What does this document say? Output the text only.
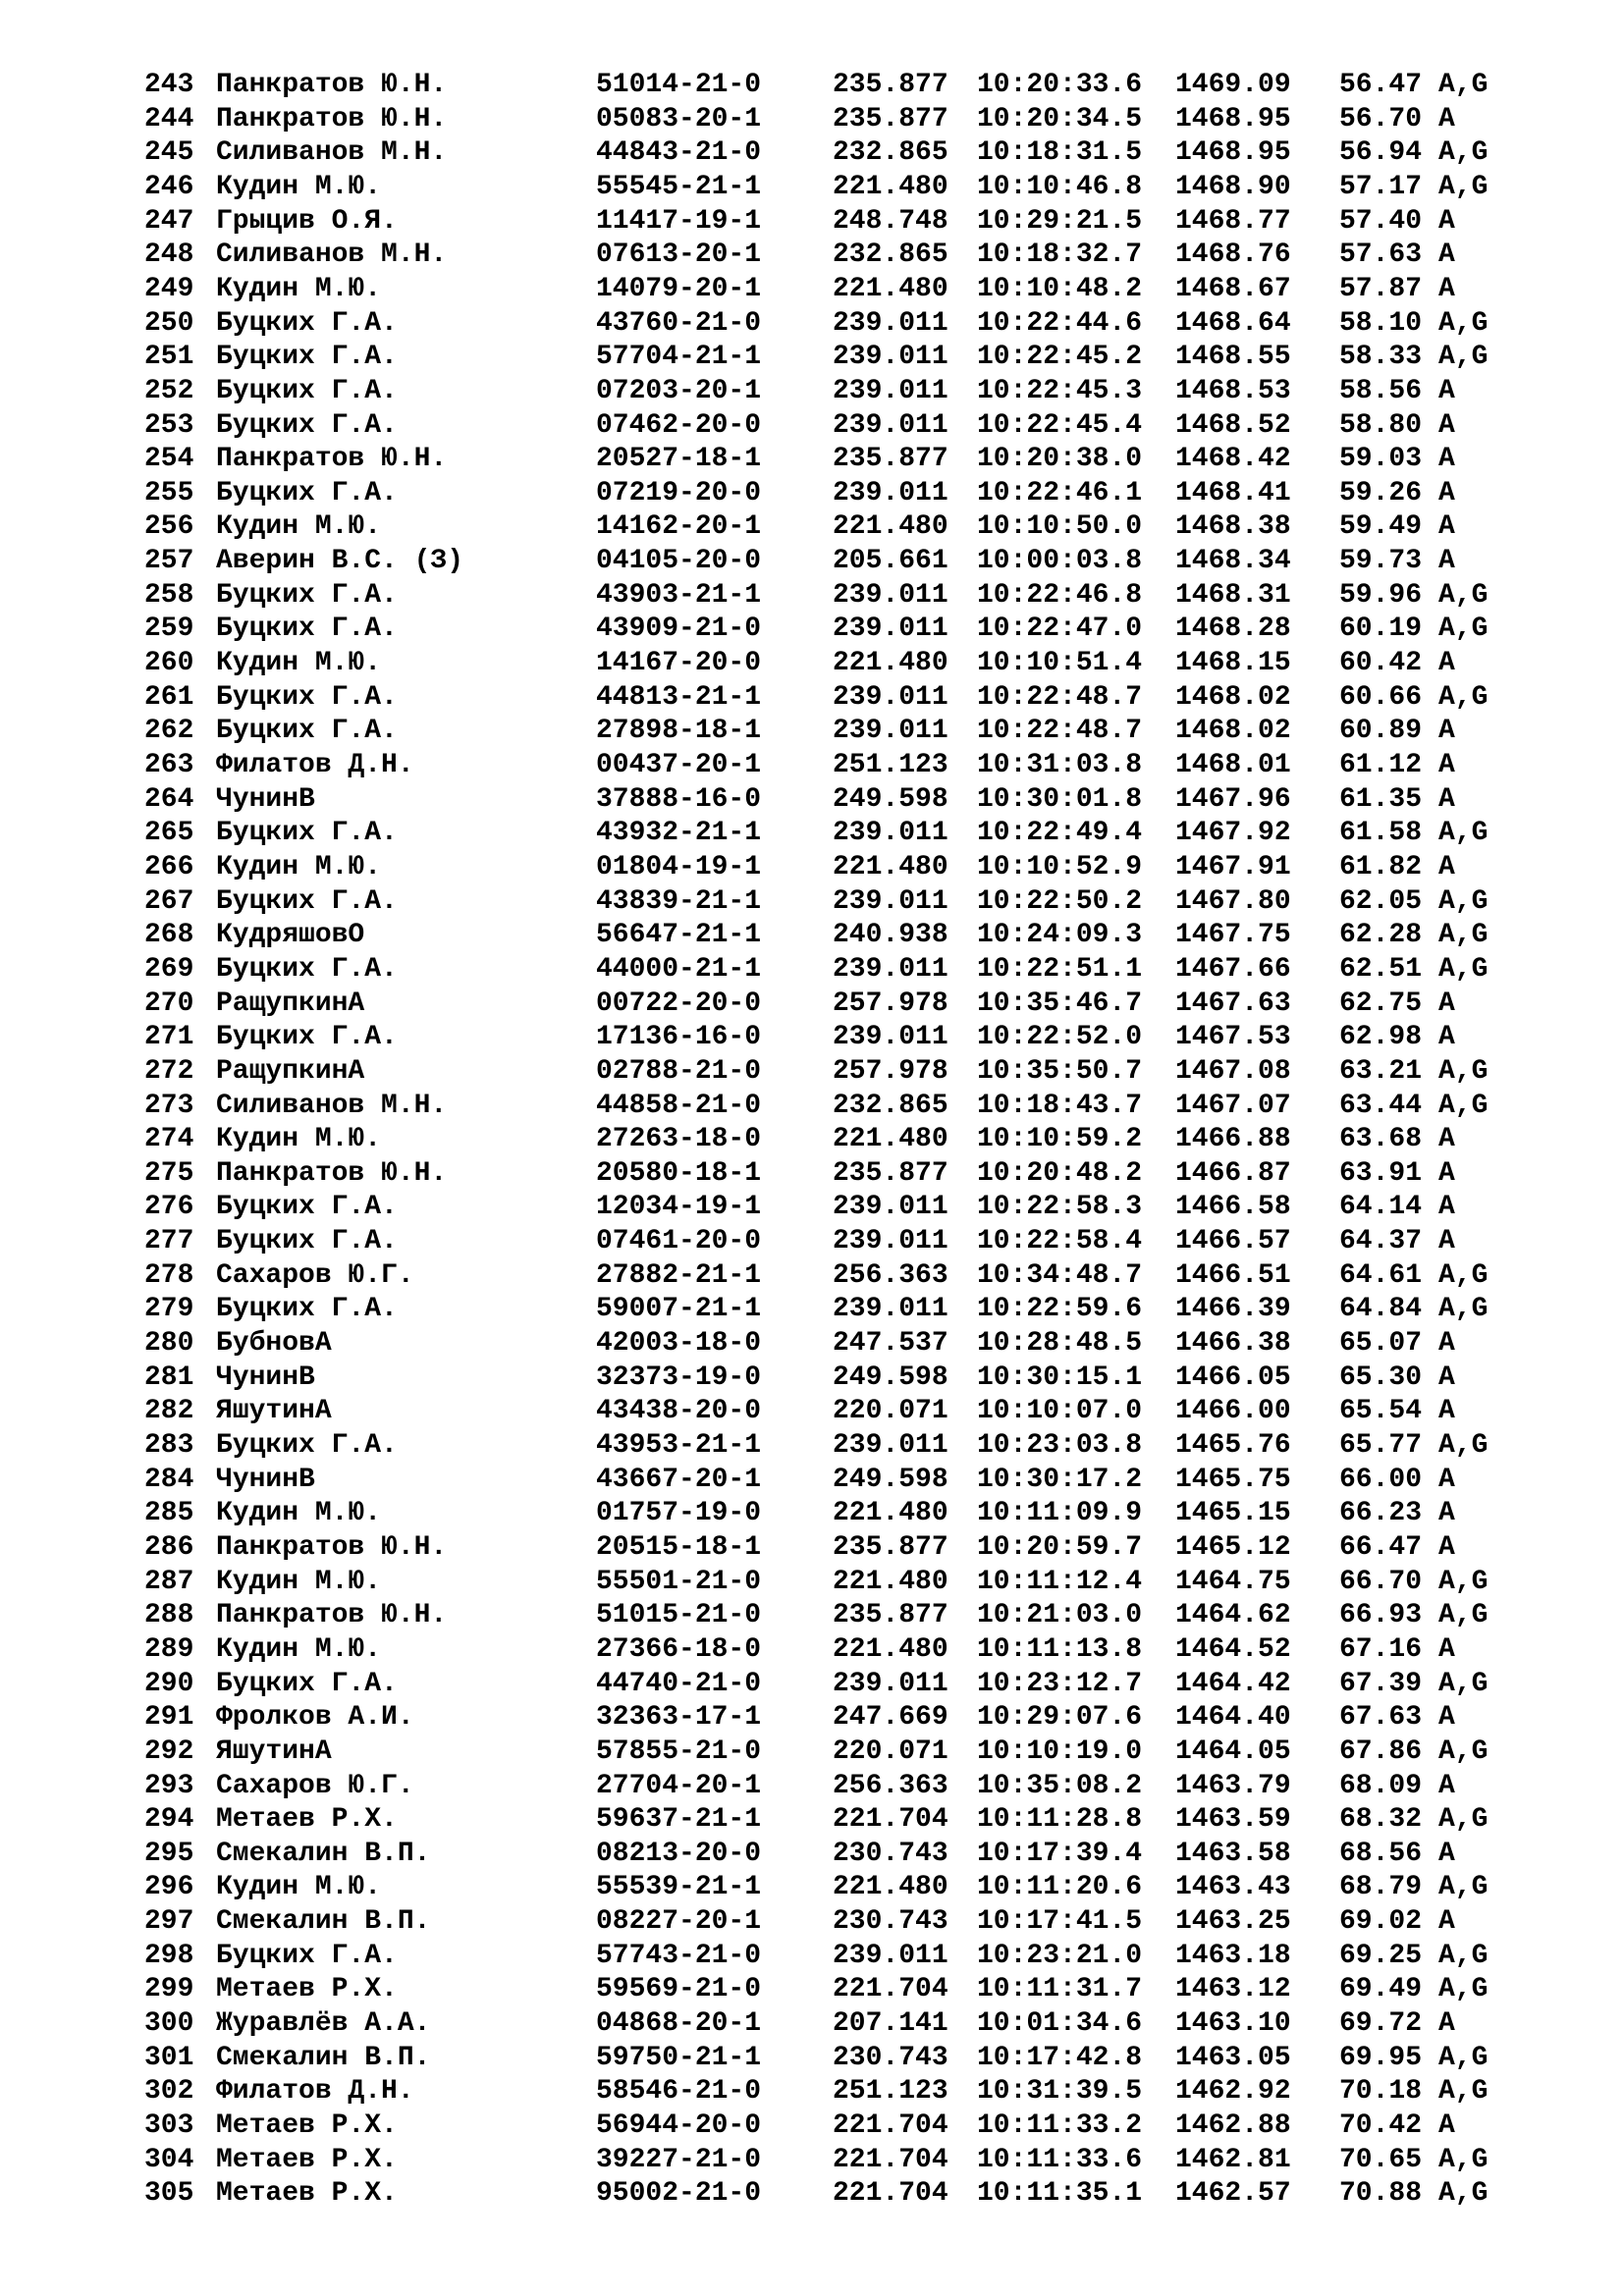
243 Панкратов Ю.Н.	51014-21-0	235.877 10:20:33.6 1469.09 56.47 A,G
244 Панкратов Ю.Н.	05083-20-1	235.877 10:20:34.5 1468.95 56.70 A
245 Силиванов М.Н.	44843-21-0	232.865 10:18:31.5 1468.95 56.94 A,G
246 Кудин М.Ю.	55545-21-1	221.480 10:10:46.8 1468.90 57.17 A,G
247 Грыцив О.Я.	11417-19-1	248.748 10:29:21.5 1468.77 57.40 A
248 Силиванов М.Н.	07613-20-1	232.865 10:18:32.7 1468.76 57.63 A
249 Кудин М.Ю.	14079-20-1	221.480 10:10:48.2 1468.67 57.87 A
250 Буцких Г.А.	43760-21-0	239.011 10:22:44.6 1468.64 58.10 A,G
251 Буцких Г.А.	57704-21-1	239.011 10:22:45.2 1468.55 58.33 A,G
252 Буцких Г.А.	07203-20-1	239.011 10:22:45.3 1468.53 58.56 A
253 Буцких Г.А.	07462-20-0	239.011 10:22:45.4 1468.52 58.80 A
254 Панкратов Ю.Н.	20527-18-1	235.877 10:20:38.0 1468.42 59.03 A
255 Буцких Г.А.	07219-20-0	239.011 10:22:46.1 1468.41 59.26 A
256 Кудин М.Ю.	14162-20-1	221.480 10:10:50.0 1468.38 59.49 A
257 Аверин В.С. (З)	04105-20-0	205.661 10:00:03.8 1468.34 59.73 A
258 Буцких Г.А.	43903-21-1	239.011 10:22:46.8 1468.31 59.96 A,G
259 Буцких Г.А.	43909-21-0	239.011 10:22:47.0 1468.28 60.19 A,G
260 Кудин М.Ю.	14167-20-0	221.480 10:10:51.4 1468.15 60.42 A
261 Буцких Г.А.	44813-21-1	239.011 10:22:48.7 1468.02 60.66 A,G
262 Буцких Г.А.	27898-18-1	239.011 10:22:48.7 1468.02 60.89 A
263 Филатов Д.Н.	00437-20-1	251.123 10:31:03.8 1468.01 61.12 A
264 ЧунинВ	37888-16-0	249.598 10:30:01.8 1467.96 61.35 A
265 Буцких Г.А.	43932-21-1	239.011 10:22:49.4 1467.92 61.58 A,G
266 Кудин М.Ю.	01804-19-1	221.480 10:10:52.9 1467.91 61.82 A
267 Буцких Г.А.	43839-21-1	239.011 10:22:50.2 1467.80 62.05 A,G
268 КудряшовО	56647-21-1	240.938 10:24:09.3 1467.75 62.28 A,G
269 Буцких Г.А.	44000-21-1	239.011 10:22:51.1 1467.66 62.51 A,G
270 РащупкинА	00722-20-0	257.978 10:35:46.7 1467.63 62.75 A
271 Буцких Г.А.	17136-16-0	239.011 10:22:52.0 1467.53 62.98 A
272 РащупкинА	02788-21-0	257.978 10:35:50.7 1467.08 63.21 A,G
273 Силиванов М.Н.	44858-21-0	232.865 10:18:43.7 1467.07 63.44 A,G
274 Кудин М.Ю.	27263-18-0	221.480 10:10:59.2 1466.88 63.68 A
275 Панкратов Ю.Н.	20580-18-1	235.877 10:20:48.2 1466.87 63.91 A
276 Буцких Г.А.	12034-19-1	239.011 10:22:58.3 1466.58 64.14 A
277 Буцких Г.А.	07461-20-0	239.011 10:22:58.4 1466.57 64.37 A
278 Сахаров Ю.Г.	27882-21-1	256.363 10:34:48.7 1466.51 64.61 A,G
279 Буцких Г.А.	59007-21-1	239.011 10:22:59.6 1466.39 64.84 A,G
280 БубновА	42003-18-0	247.537 10:28:48.5 1466.38 65.07 A
281 ЧунинВ	32373-19-0	249.598 10:30:15.1 1466.05 65.30 A
282 ЯшутинА	43438-20-0	220.071 10:10:07.0 1466.00 65.54 A
283 Буцких Г.А.	43953-21-1	239.011 10:23:03.8 1465.76 65.77 A,G
284 ЧунинВ	43667-20-1	249.598 10:30:17.2 1465.75 66.00 A
285 Кудин М.Ю.	01757-19-0	221.480 10:11:09.9 1465.15 66.23 A
286 Панкратов Ю.Н.	20515-18-1	235.877 10:20:59.7 1465.12 66.47 A
287 Кудин М.Ю.	55501-21-0	221.480 10:11:12.4 1464.75 66.70 A,G
288 Панкратов Ю.Н.	51015-21-0	235.877 10:21:03.0 1464.62 66.93 A,G
289 Кудин М.Ю.	27366-18-0	221.480 10:11:13.8 1464.52 67.16 A
290 Буцких Г.А.	44740-21-0	239.011 10:23:12.7 1464.42 67.39 A,G
291 Фролков А.И.	32363-17-1	247.669 10:29:07.6 1464.40 67.63 A
292 ЯшутинА	57855-21-0	220.071 10:10:19.0 1464.05 67.86 A,G
293 Сахаров Ю.Г.	27704-20-1	256.363 10:35:08.2 1463.79 68.09 A
294 Метаев Р.Х.	59637-21-1	221.704 10:11:28.8 1463.59 68.32 A,G
295 Смекалин В.П.	08213-20-0	230.743 10:17:39.4 1463.58 68.56 A
296 Кудин М.Ю.	55539-21-1	221.480 10:11:20.6 1463.43 68.79 A,G
297 Смекалин В.П.	08227-20-1	230.743 10:17:41.5 1463.25 69.02 A
298 Буцких Г.А.	57743-21-0	239.011 10:23:21.0 1463.18 69.25 A,G
299 Метаев Р.Х.	59569-21-0	221.704 10:11:31.7 1463.12 69.49 A,G
300 Журавлёв А.А.	04868-20-1	207.141 10:01:34.6 1463.10 69.72 A
301 Смекалин В.П.	59750-21-1	230.743 10:17:42.8 1463.05 69.95 A,G
302 Филатов Д.Н.	58546-21-0	251.123 10:31:39.5 1462.92 70.18 A,G
303 Метаев Р.Х.	56944-20-0	221.704 10:11:33.2 1462.88 70.42 A
304 Метаев Р.Х.	39227-21-0	221.704 10:11:33.6 1462.81 70.65 A,G
305 Метаев Р.Х.	95002-21-0	221.704 10:11:35.1 1462.57 70.88 A,G
